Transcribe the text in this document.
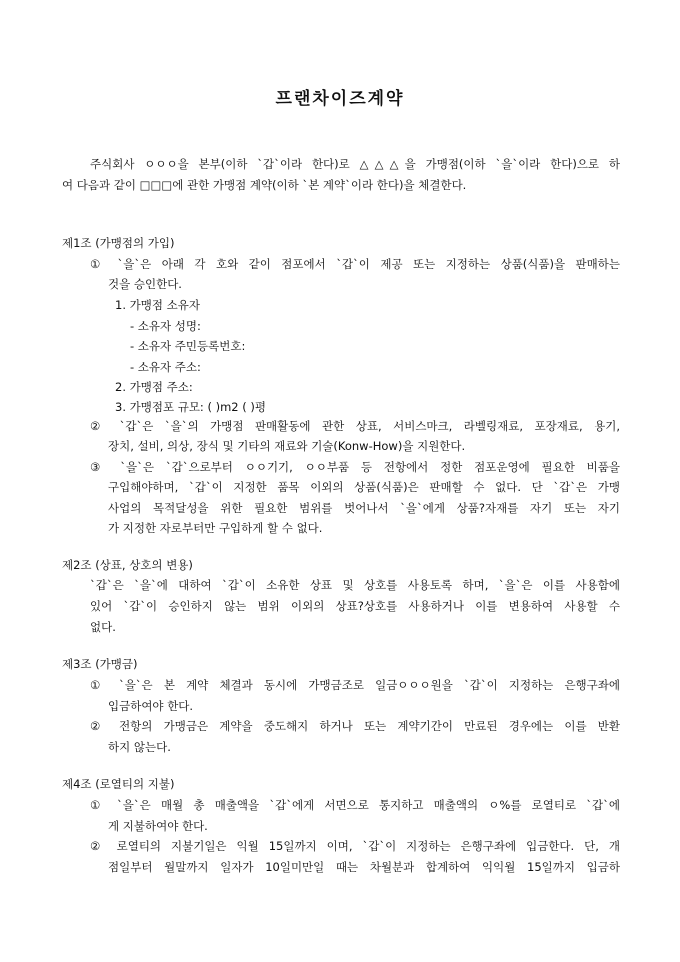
프랜차이즈계약
주식회사 ㅇㅇㅇ을 본부(이하 `갑`이라 한다)로 △△△을 가맹점(이하 `을`이라 한다)으로 하
여 다음과 같이 □□□에 관한 가맹점 계약(이하 `본 계약`이라 한다)을 체결한다.
제1조 (가맹점의 가입)
① `을`은 아래 각 호와 같이 점포에서 `갑`이 제공 또는 지정하는 상품(식품)을 판매하는
것을 승인한다.
1. 가맹점 소유자
- 소유자 성명:
- 소유자 주민등록번호:
- 소유자 주소:
2. 가맹점 주소:
3. 가맹점포 규모: ( )m2 ( )평
② `갑`은 `을`의 가맹점 판매활동에 관한 상표, 서비스마크, 라벨링재료, 포장재료, 용기,
장치, 설비, 의상, 장식 및 기타의 재료와 기술(Konw-How)을 지원한다.
③ `을`은 `갑`으로부터 ㅇㅇ기기, ㅇㅇ부품 등 전항에서 정한 점포운영에 필요한 비품을
구입해야하며, `갑`이 지정한 품목 이외의 상품(식품)은 판매할 수 없다. 단 `갑`은 가맹
사업의 목적달성을 위한 필요한 범위를 벗어나서 `을`에게 상품?자재를 자기 또는 자기
가 지정한 자로부터만 구입하게 할 수 없다.
제2조 (상표, 상호의 변용)
`갑`은 `을`에 대하여 `갑`이 소유한 상표 및 상호를 사용토록 하며, `을`은 이를 사용함에
있어 `갑`이 승인하지 않는 범위 이외의 상표?상호를 사용하거나 이를 변용하여 사용할 수
없다.
제3조 (가맹금)
① `을`은 본 계약 체결과 동시에 가맹금조로 일금ㅇㅇㅇ원을 `갑`이 지정하는 은행구좌에
입금하여야 한다.
② 전항의 가맹금은 계약을 중도해지 하거나 또는 계약기간이 만료된 경우에는 이를 반환
하지 않는다.
제4조 (로열티의 지불)
① `을`은 매월 총 매출액을 `갑`에게 서면으로 통지하고 매출액의 ㅇ%를 로열티로 `갑`에
게 지불하여야 한다.
② 로열티의 지불기일은 익월 15일까지 이며, `갑`이 지정하는 은행구좌에 입금한다. 단, 개
점일부터 월말까지 일자가 10일미만일 때는 차월분과 합계하여 익익월 15일까지 입금하
